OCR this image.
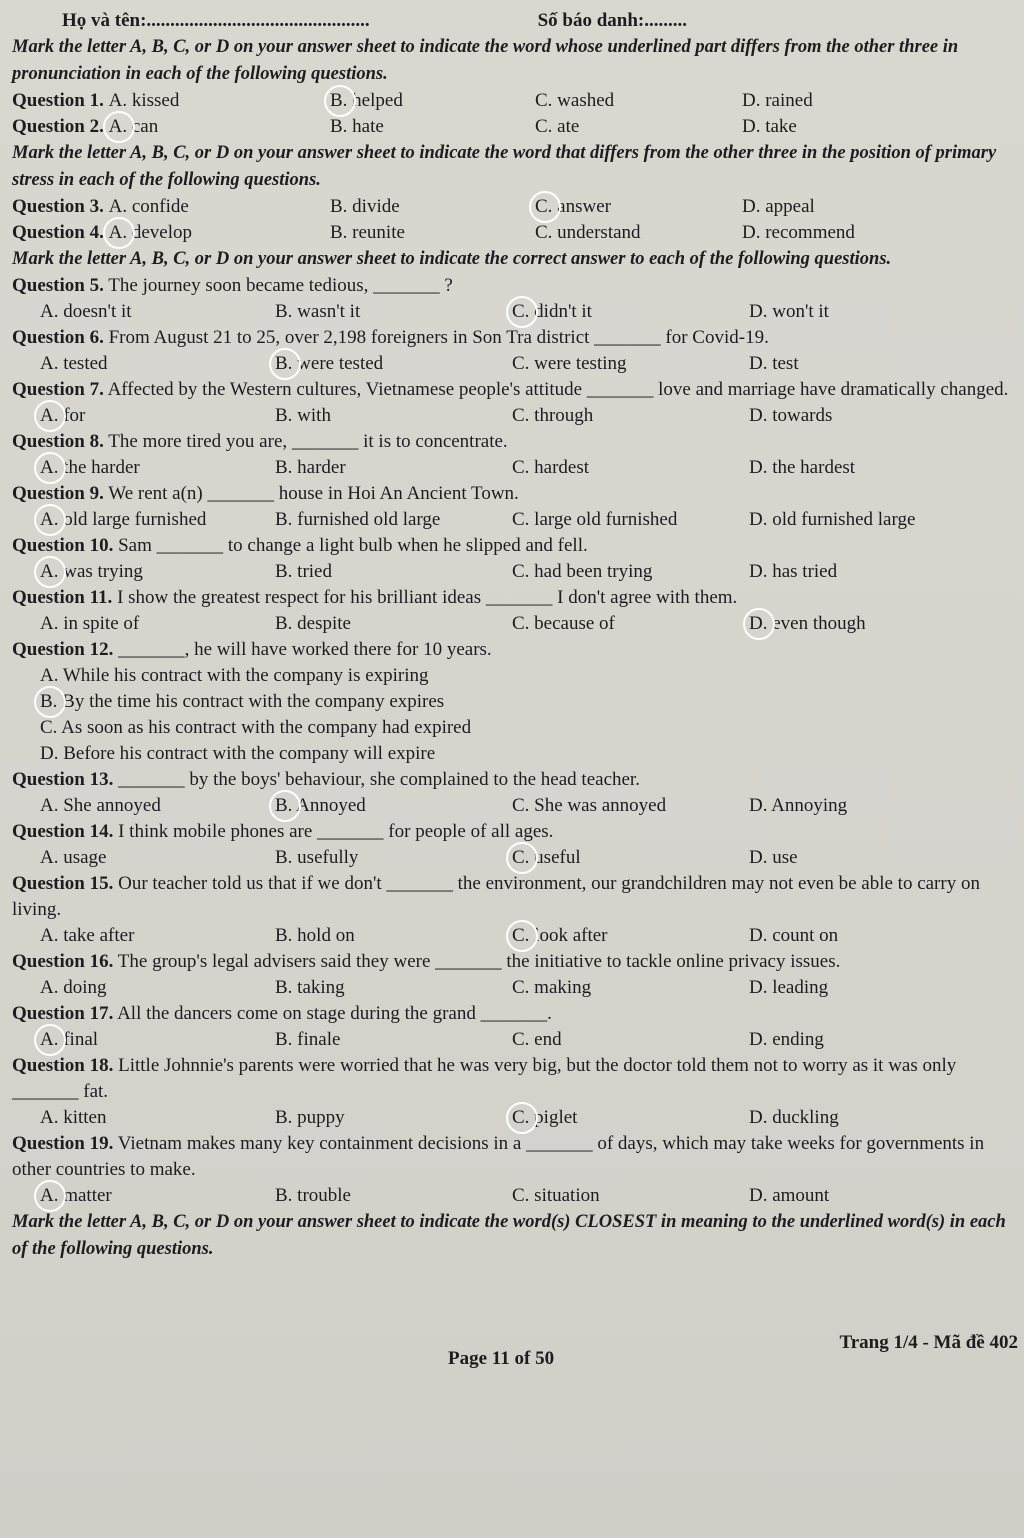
Họ và tên:...............................................	Số báo danh:.........
Mark the letter A, B, C, or D on your answer sheet to indicate the word whose underlined part differs from the other three in pronunciation in each of the following questions.
Question 1. A. kissed	B. helped	C. washed	D. rained
Question 2. A. can	B. hate	C. ate	D. take
Mark the letter A, B, C, or D on your answer sheet to indicate the word that differs from the other three in the position of primary stress in each of the following questions.
Question 3. A. confide	B. divide	C. answer	D. appeal
Question 4. A. develop	B. reunite	C. understand	D. recommend
Mark the letter A, B, C, or D on your answer sheet to indicate the correct answer to each of the following questions.
Question 5. The journey soon became tedious, _______ ?
A. doesn't it	B. wasn't it	C. didn't it	D. won't it
Question 6. From August 21 to 25, over 2,198 foreigners in Son Tra district _______ for Covid-19.
A. tested	B. were tested	C. were testing	D. test
Question 7. Affected by the Western cultures, Vietnamese people's attitude _______ love and marriage have dramatically changed.
A. for	B. with	C. through	D. towards
Question 8. The more tired you are, _______ it is to concentrate.
A. the harder	B. harder	C. hardest	D. the hardest
Question 9. We rent a(n) _______ house in Hoi An Ancient Town.
A. old large furnished	B. furnished old large	C. large old furnished	D. old furnished large
Question 10. Sam _______ to change a light bulb when he slipped and fell.
A. was trying	B. tried	C. had been trying	D. has tried
Question 11. I show the greatest respect for his brilliant ideas _______ I don't agree with them.
A. in spite of	B. despite	C. because of	D. even though
Question 12. _______, he will have worked there for 10 years.
A. While his contract with the company is expiring
B. By the time his contract with the company expires
C. As soon as his contract with the company had expired
D. Before his contract with the company will expire
Question 13. _______ by the boys' behaviour, she complained to the head teacher.
A. She annoyed	B. Annoyed	C. She was annoyed	D. Annoying
Question 14. I think mobile phones are _______ for people of all ages.
A. usage	B. usefully	C. useful	D. use
Question 15. Our teacher told us that if we don't _______ the environment, our grandchildren may not even be able to carry on living.
A. take after	B. hold on	C. look after	D. count on
Question 16. The group's legal advisers said they were _______ the initiative to tackle online privacy issues.
A. doing	B. taking	C. making	D. leading
Question 17. All the dancers come on stage during the grand _______.
A. final	B. finale	C. end	D. ending
Question 18. Little Johnnie's parents were worried that he was very big, but the doctor told them not to worry as it was only _______ fat.
A. kitten	B. puppy	C. piglet	D. duckling
Question 19. Vietnam makes many key containment decisions in a _______ of days, which may take weeks for governments in other countries to make.
A. matter	B. trouble	C. situation	D. amount
Mark the letter A, B, C, or D on your answer sheet to indicate the word(s) CLOSEST in meaning to the underlined word(s) in each of the following questions.
Page 11 of 50
Trang 1/4 - Mã đề 402
